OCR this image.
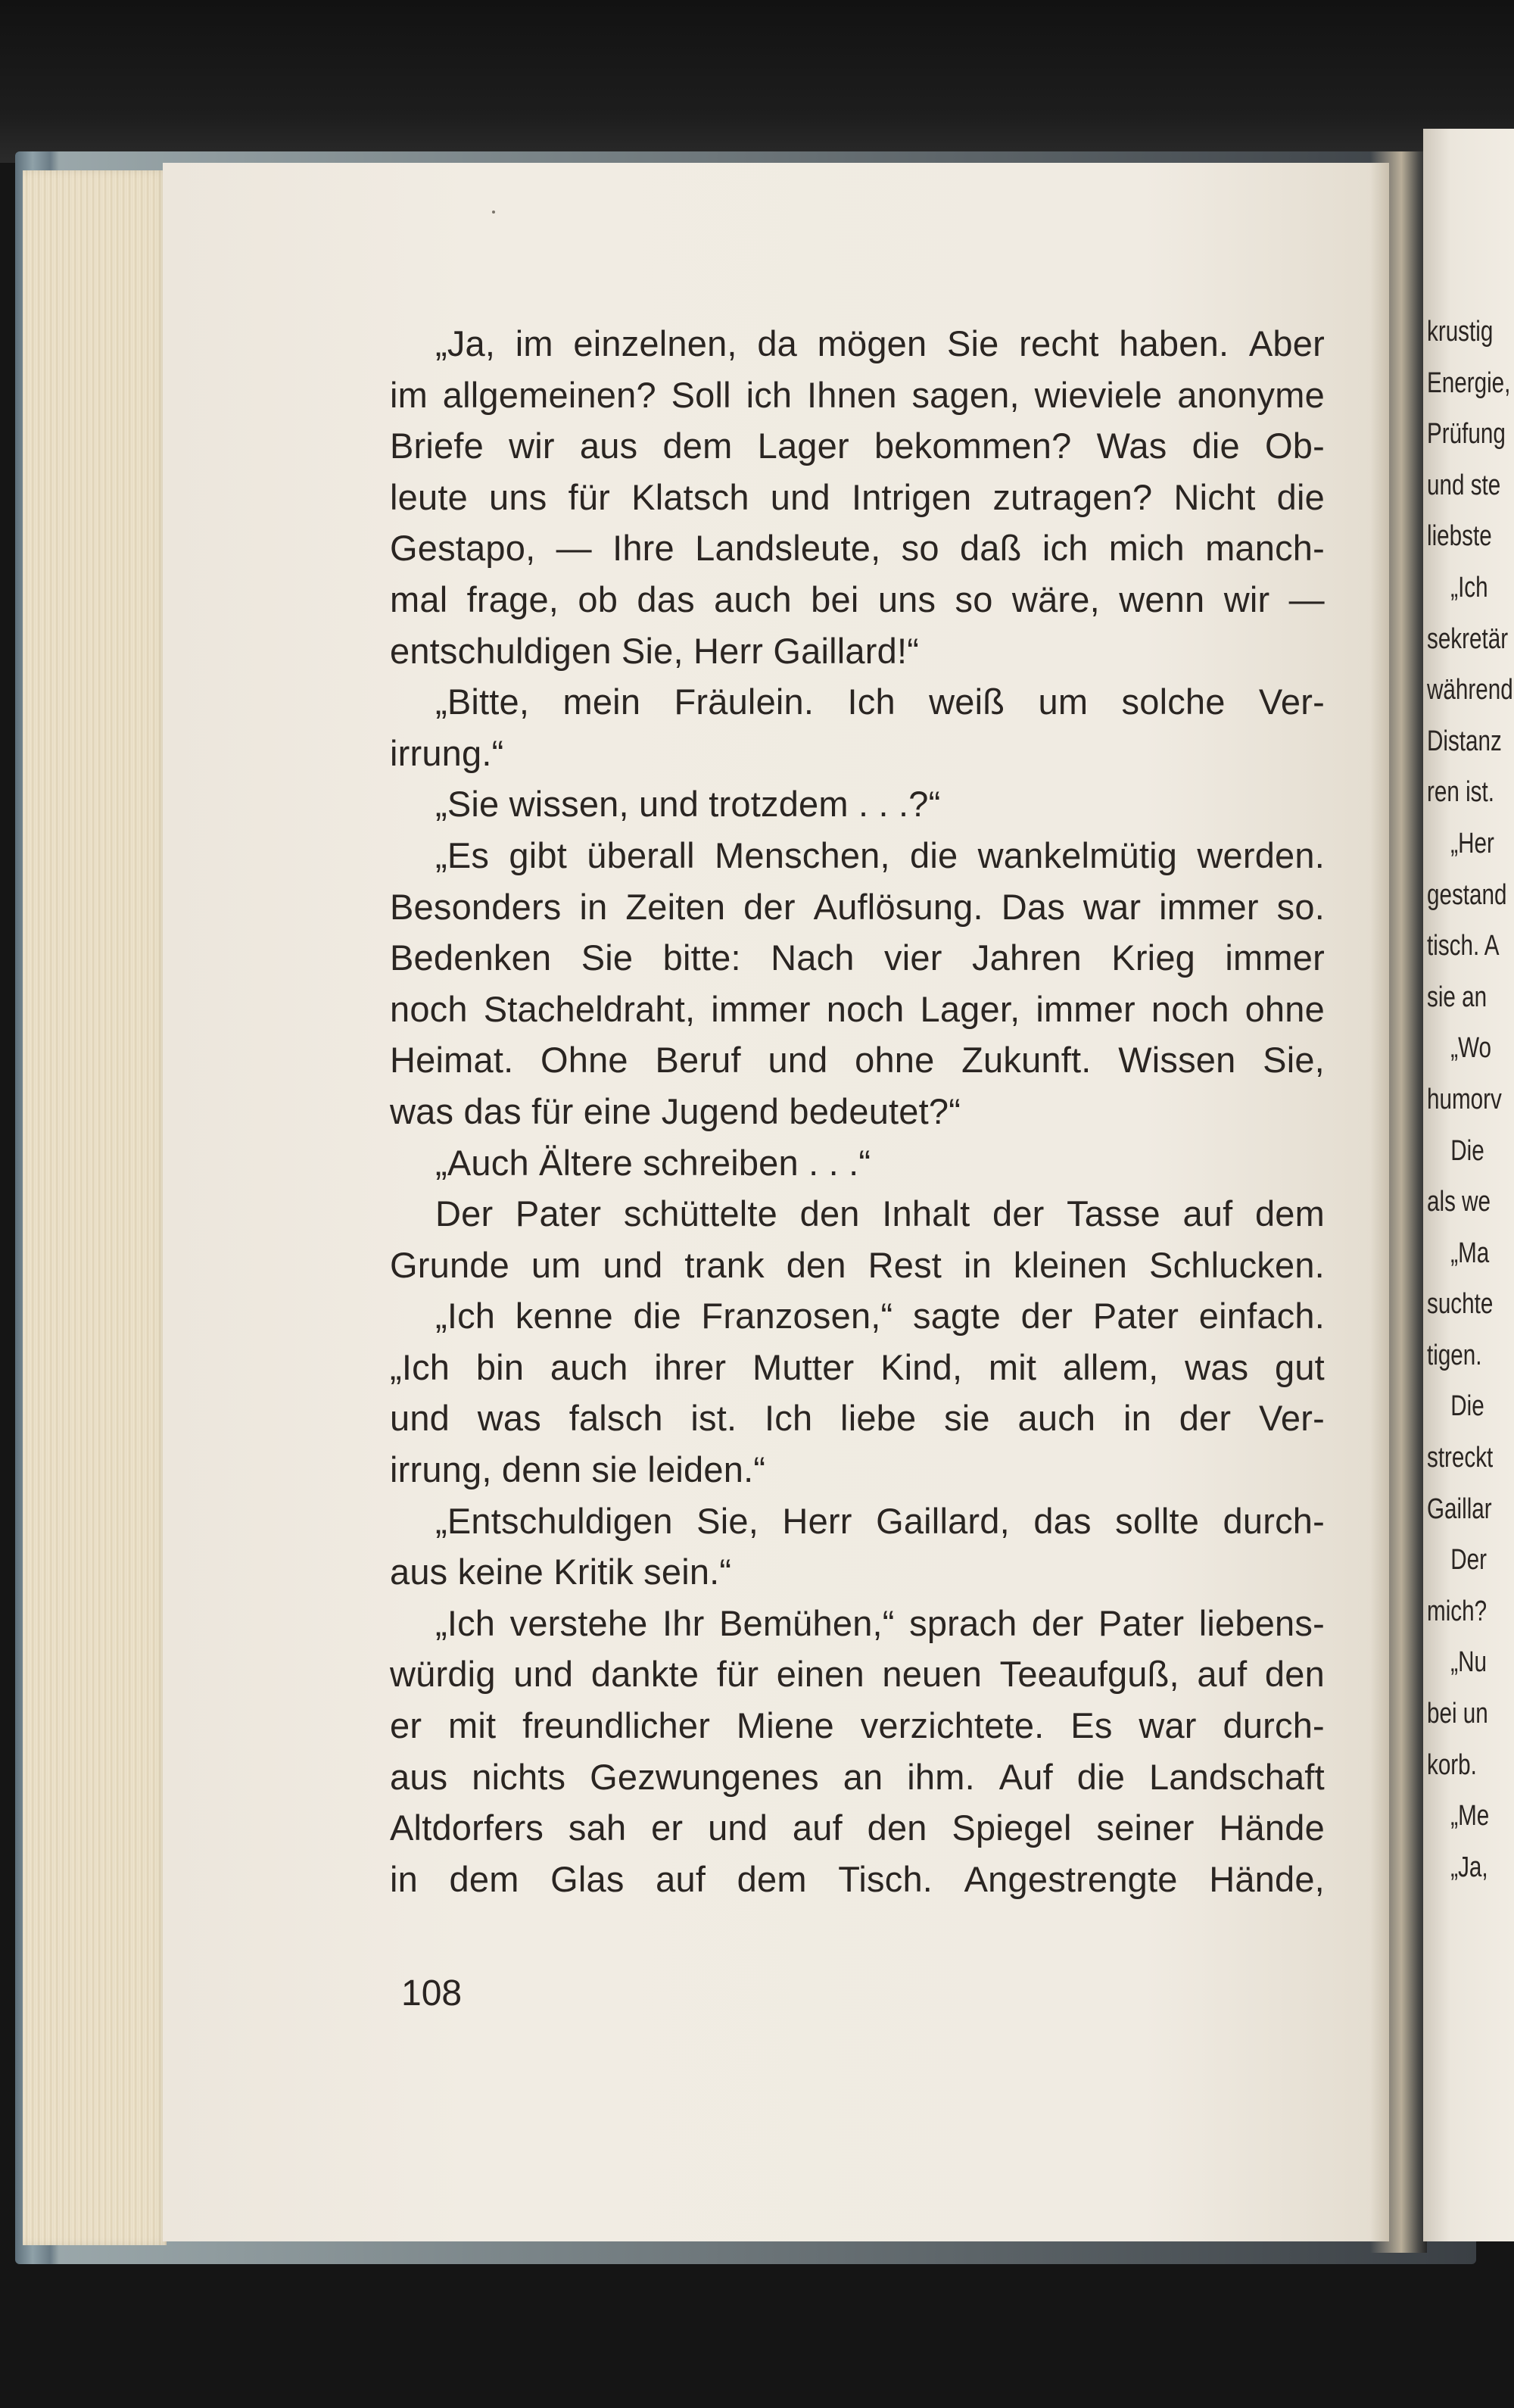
„Ja, im einzelnen, da mögen Sie recht haben. Aber
im allgemeinen? Soll ich Ihnen sagen, wieviele anonyme
Briefe wir aus dem Lager bekommen? Was die Ob-
leute uns für Klatsch und Intrigen zutragen? Nicht die
Gestapo, — Ihre Landsleute, so daß ich mich manch-
mal frage, ob das auch bei uns so wäre, wenn wir —
entschuldigen Sie, Herr Gaillard!“
„Bitte, mein Fräulein. Ich weiß um solche Ver-
irrung.“
„Sie wissen, und trotzdem . . .?“
„Es gibt überall Menschen, die wankelmütig werden.
Besonders in Zeiten der Auflösung. Das war immer so.
Bedenken Sie bitte: Nach vier Jahren Krieg immer
noch Stacheldraht, immer noch Lager, immer noch ohne
Heimat. Ohne Beruf und ohne Zukunft. Wissen Sie,
was das für eine Jugend bedeutet?“
„Auch Ältere schreiben . . .“
Der Pater schüttelte den Inhalt der Tasse auf dem
Grunde um und trank den Rest in kleinen Schlucken.
„Ich kenne die Franzosen,“ sagte der Pater einfach.
„Ich bin auch ihrer Mutter Kind, mit allem, was gut
und was falsch ist. Ich liebe sie auch in der Ver-
irrung, denn sie leiden.“
„Entschuldigen Sie, Herr Gaillard, das sollte durch-
aus keine Kritik sein.“
„Ich verstehe Ihr Bemühen,“ sprach der Pater liebens-
würdig und dankte für einen neuen Teeaufguß, auf den
er mit freundlicher Miene verzichtete. Es war durch-
aus nichts Gezwungenes an ihm. Auf die Landschaft
Altdorfers sah er und auf den Spiegel seiner Hände
in dem Glas auf dem Tisch. Angestrengte Hände,
108
krustig
Energie,
Prüfung
und ste
liebste
„Ich
sekretär
während
Distanz
ren ist.
„Her
gestand
tisch. A
sie an
„Wo
humorv
Die
als we
„Ma
suchte
tigen.
Die
streckt
Gaillar
Der
mich?
„Nu
bei un
korb.
„Me
„Ja,
